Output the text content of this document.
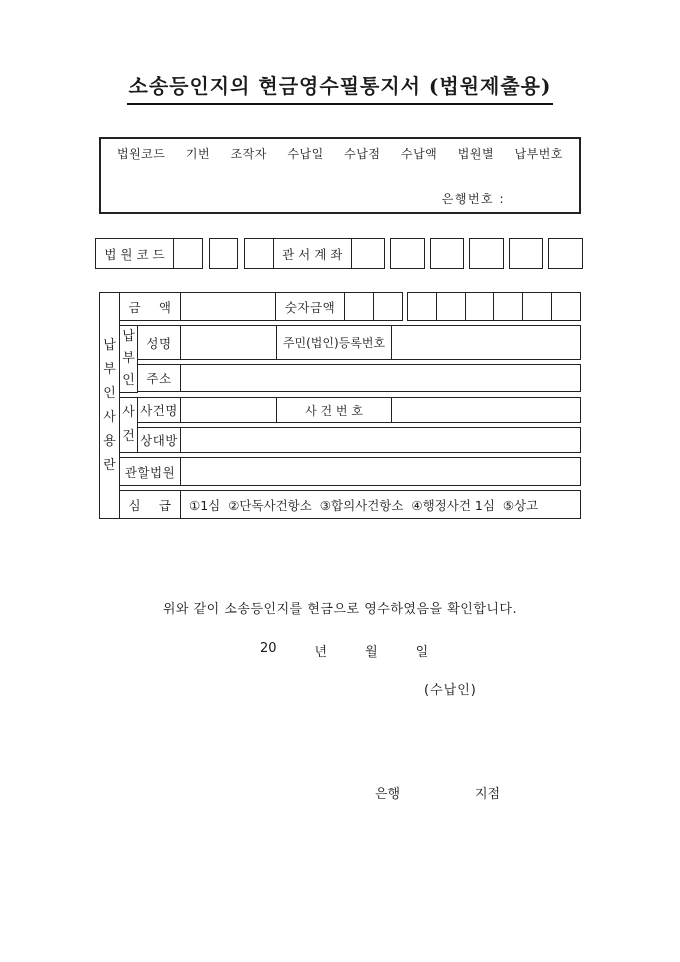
소송등인지의 현금영수필통지서 (법원제출용)
법원코드 기번 조작자 수납일 수납점 수납액 법원별 납부번호
은행번호 :
법 원 코 드	관 서 계 좌
납부인사용란
금    액	숫자금액
납부인
성명	주민(법인)등록번호
주소
사건
사건명	사 건 번 호
상대방
관할법원
심    급	①1심  ②단독사건항소  ③합의사건항소  ④행정사건 1심  ⑤상고
위와 같이 소송등인지를 현금으로 영수하였음을 확인합니다.
20	년	월	일
(수납인)
은행	지점
